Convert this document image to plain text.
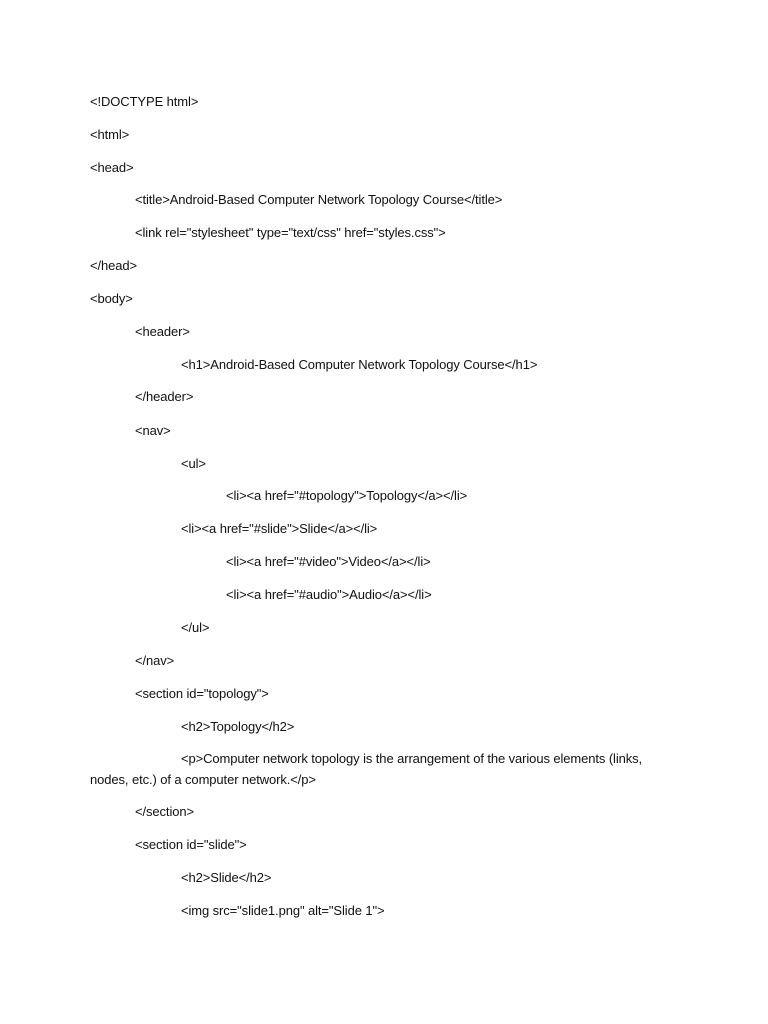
<!DOCTYPE html>
<html>
<head>
<title>Android-Based Computer Network Topology Course</title>
<link rel="stylesheet" type="text/css" href="styles.css">
</head>
<body>
<header>
<h1>Android-Based Computer Network Topology Course</h1>
</header>
<nav>
<ul>
<li><a href="#topology">Topology</a></li>
<li><a href="#slide">Slide</a></li>
<li><a href="#video">Video</a></li>
<li><a href="#audio">Audio</a></li>
</ul>
</nav>
<section id="topology">
<h2>Topology</h2>
<p>Computer network topology is the arrangement of the various elements (links,
nodes, etc.) of a computer network.</p>
</section>
<section id="slide">
<h2>Slide</h2>
<img src="slide1.png" alt="Slide 1">
